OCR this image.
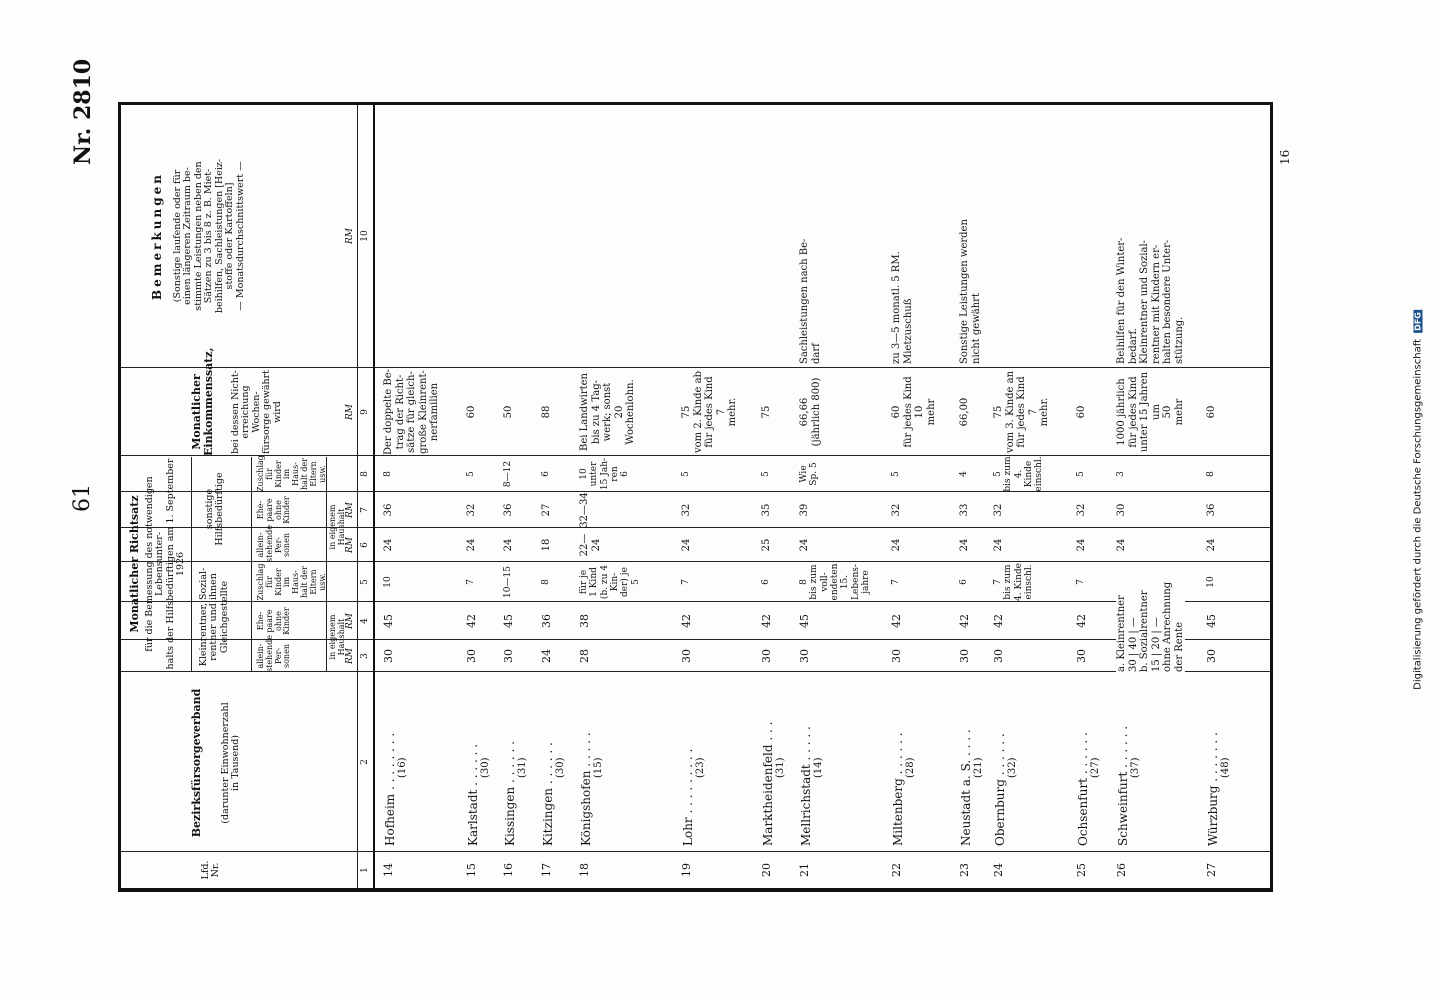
61
Nr. 2810
Lfd.
Nr.
Bezirksfürsorgeverband (darunter Einwohnerzahl
in Tausend)
Monatlicher Richtsatz
für die Bemessung des notwendigen Lebensunter-
halts der Hilfsbedürftigen am 1. September 1926
Kleinrentner, Sozial-
rentner und ihnen
Gleichgestellte
sonstige
Hilfsbedürftige
allein-
stehende
Per-
sonen
Ehe-
paare
ohne
Kinder
Zuschlag
für
Kinder
im
Haus-
halt der
Eltern
usw.
allein-
stehende
Per-
sonen
Ehe-
paare
ohne
Kinder
Zuschlag
für
Kinder
im
Haus-
halt der
Eltern
usw.
in eigenem
Haushalt
in eigenem
Haushalt
Monatlicher
Einkommenssatz, bei dessen Nicht-
erreichung Wochen-
fürsorge gewährt
wird
Bemerkungen (Sonstige laufende oder für
einen längeren Zeitraum be-
stimmte Leistungen neben den
Sätzen zu 3 bis 8 z. B. Miet-
beihilfen, Sachleistungen [Heiz-
stoffe oder Kartoffeln]
— Monatsdurchschnittswert —
RM
RM
RM
RM
RM
RM
1
2
3
4
5
6
7
8
9
10
14
Hofheim . . . . . . . . (16)
30
45
10
24
36
8
Der doppelte Be-
trag der Richt-
sätze für gleich-
große Kleinrent-
nerfamilien
15
Karlstadt . . . . . . (30)
30
42
7
24
32
5
60
16
Kissingen . . . . . . (31)
30
45
10—15
24
36
8—12
50
17
Kitzingen . . . . . . (30)
24
36
8
18
27
6
88
18
Königshofen . . . . . (15)
28
38
für je
1 Kind
(b. zu 4
Kin-
der) je
5
22—24
32—34
10
unter
15 Jah-
ren
6
Bei Landwirten
bis zu 4 Tag-
werk; sonst
20
Wochenlohn.
19
Lohr . . . . . . . . . (23)
30
42
7
24
32
5
75
vom 2. Kinde ab
für jedes Kind
7
mehr.
20
Marktheidenfeld . . . (31)
30
42
6
25
35
5
75
21
Mellrichstadt . . . . . (14)
30
45
8
bis zum
voll-
endeten
15.
Lebens-
jahre
24
39
Wie
Sp. 5
66,66
(jährlich 800)
Sachleistungen nach Be-
darf
22
Miltenberg . . . . . . (28)
30
42
7
24
32
5
60
für jedes Kind
10
mehr
zu 3—5 monatl. 5 RM.
Mietzuschuß
23
Neustadt a. S. . . . . (21)
30
42
6
24
33
4
66,00
Sonstige Leistungen werden
nicht gewährt
24
Obernburg . . . . . . (32)
30
42
7
bis zum
4. Kinde
einschl.
24
32
5
bis zum
4. Kinde
einschl.
75
vom 3. Kinde an
für jedes Kind
7
mehr.
25
Ochsenfurt . . . . . . (27)
30
42
7
24
32
5
60
26
Schweinfurt . . . . . . (37)
a. Kleinrentner
30 | 40 | —
b. Sozialrentner
15 | 20 | —
ohne Anrechnung
der Rente
24
30
3
1000 jährlich
für jedes Kind
unter 15 Jahren
um
50
mehr
Beihilfen für den Winter-
bedarf.
Kleinrentner und Sozial-
rentner mit Kindern er-
halten besondere Unter-
stützung.
27
Würzburg . . . . . . . (48)
30
45
10
24
36
8
60
16
Digitalisierung gefördert durch die Deutsche Forschungsgemeinschaft DFG
